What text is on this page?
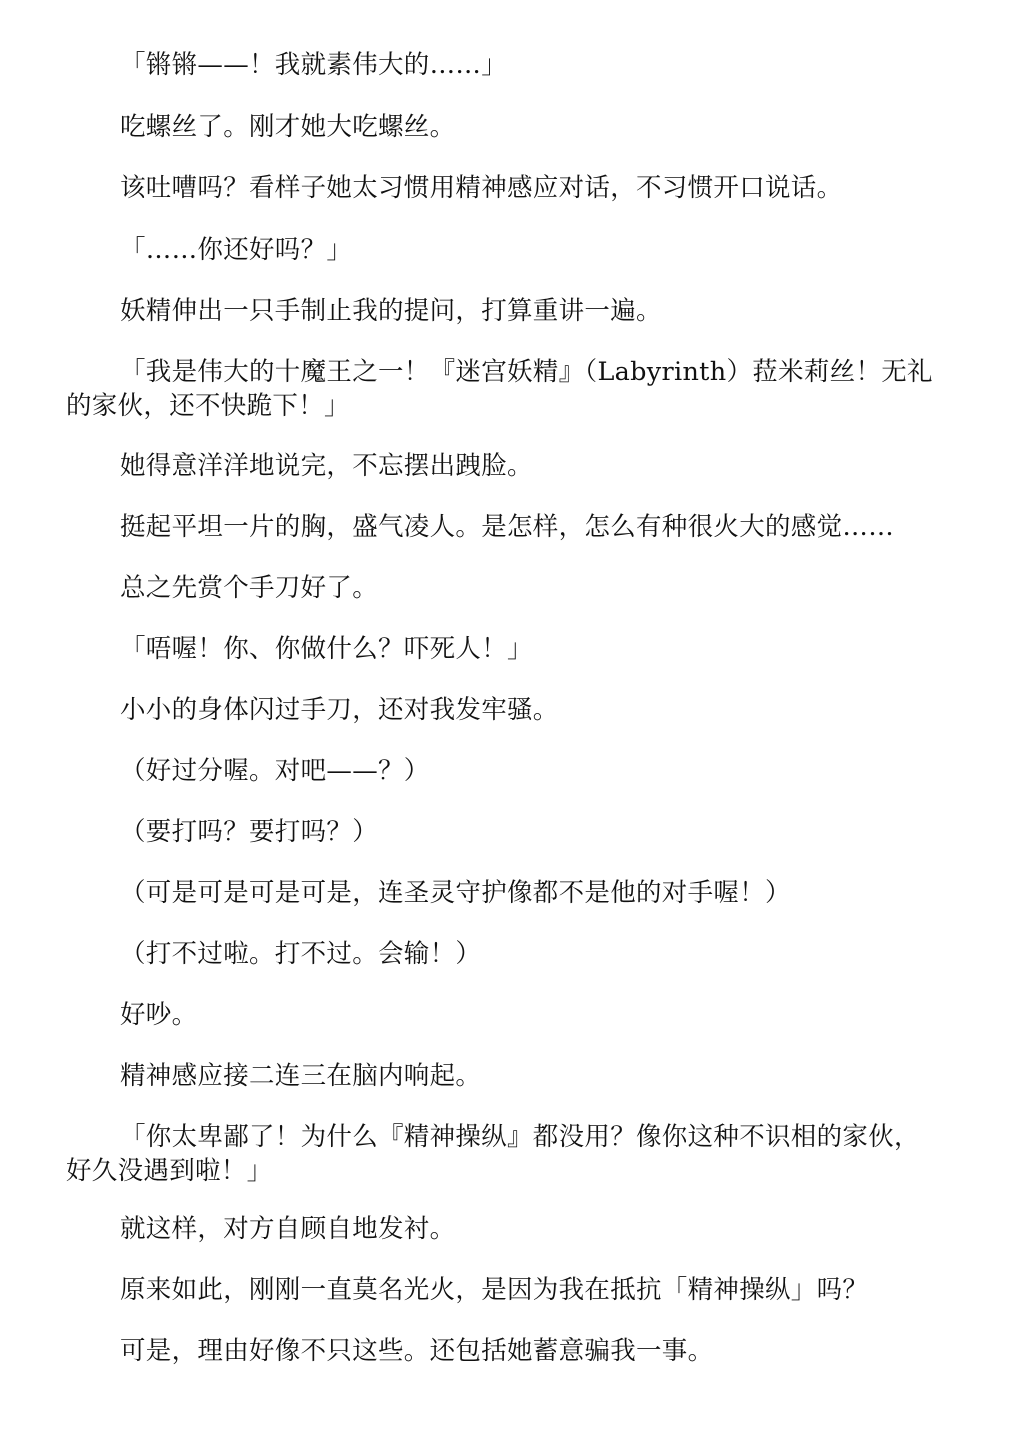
「锵锵——！我就素伟大的……」

吃螺丝了。刚才她大吃螺丝。

该吐嘈吗？看样子她太习惯用精神感应对话，不习惯开口说话。

「……你还好吗？」

妖精伸出一只手制止我的提问，打算重讲一遍。

「我是伟大的十魔王之一！『迷宫妖精』（Labyrinth）菈米莉丝！无礼的家伙，还不快跪下！」

她得意洋洋地说完，不忘摆出跩脸。

挺起平坦一片的胸，盛气凌人。是怎样，怎么有种很火大的感觉……

总之先赏个手刀好了。

「唔喔！你、你做什么？吓死人！」

小小的身体闪过手刀，还对我发牢骚。

（好过分喔。对吧——？）

（要打吗？要打吗？）

（可是可是可是可是，连圣灵守护像都不是他的对手喔！）

（打不过啦。打不过。会输！）

好吵。

精神感应接二连三在脑内响起。

「你太卑鄙了！为什么『精神操纵』都没用？像你这种不识相的家伙，好久没遇到啦！」

就这样，对方自顾自地发衬。

原来如此，刚刚一直莫名光火，是因为我在抵抗「精神操纵」吗？

可是，理由好像不只这些。还包括她蓄意骗我一事。
